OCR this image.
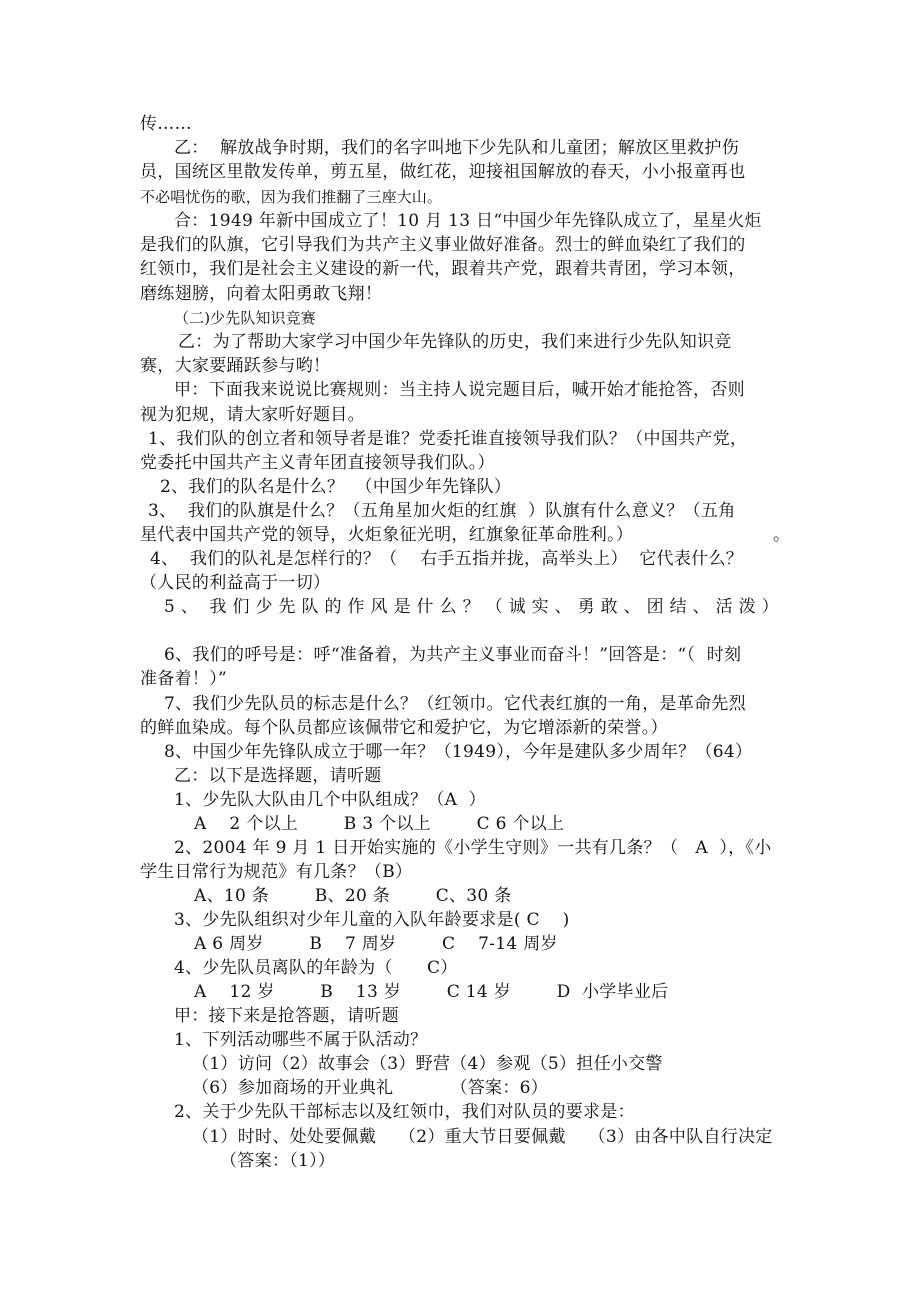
传……
乙：  解放战争时期，我们的名字叫地下少先队和儿童团；解放区里救护伤
员，国统区里散发传单，剪五星，做红花，迎接祖国解放的春天，小小报童再也
不必唱忧伤的歌，因为我们推翻了三座大山。
合：1949 年新中国成立了！10 月 13 日“中国少年先锋队成立了，星星火炬
是我们的队旗，它引导我们为共产主义事业做好准备。烈士的鲜血染红了我们的
红领巾，我们是社会主义建设的新一代，跟着共产党，跟着共青团，学习本领，
磨练翅膀，向着太阳勇敢飞翔！
（二)少先队知识竞赛
乙：为了帮助大家学习中国少年先锋队的历史，我们来进行少先队知识竞
赛，大家要踊跃参与哟！
甲：下面我来说说比赛规则：当主持人说完题目后，喊开始才能抢答，否则
视为犯规，请大家听好题目。
1、我们队的创立者和领导者是谁？党委托谁直接领导我们队？（中国共产党，
党委托中国共产主义青年团直接领导我们队。）
2、我们的队名是什么？  （中国少年先锋队）
3、  我们的队旗是什么？（五角星加火炬的红旗  ）队旗有什么意义？（五角
星代表中国共产党的领导，火炬象征光明，红旗象征革命胜利。）	。
4、  我们的队礼是怎样行的？（    右手五指并拢，高举头上）  它代表什么？
（人民的利益高于一切）
5 、  我 们 少 先 队 的 作 风 是 什 么 ？ （ 诚 实 、 勇 敢 、 团 结 、 活 泼 ）
6、我们的呼号是：呼“准备着，为共产主义事业而奋斗！”回答是：“（  时刻
准备着！）”
7、我们少先队员的标志是什么？（红领巾。它代表红旗的一角，是革命先烈
的鲜血染成。每个队员都应该佩带它和爱护它，为它增添新的荣誉。）
8、中国少年先锋队成立于哪一年？（1949），今年是建队多少周年？（64）
乙：以下是选择题，请听题
1、少先队大队由几个中队组成？（A  ）
A    2 个以上        B 3 个以上        C 6 个以上
2、2004 年 9 月 1 日开始实施的《小学生守则》一共有几条？（   A  ），《小
学生日常行为规范》有几条？（B）
A、10 条        B、20 条        C、30 条
3、少先队组织对少年儿童的入队年龄要求是( C    )
A 6 周岁        B    7 周岁        C    7-14 周岁
4、少先队员离队的年龄为（      C）
A    12 岁        B    13 岁        C 14 岁        D  小学毕业后
甲：接下来是抢答题，请听题
1、下列活动哪些不属于队活动？
（1）访问（2）故事会（3）野营（4）参观（5）担任小交警
（6）参加商场的开业典礼          （答案：6）
2、关于少先队干部标志以及红领巾，我们对队员的要求是：
（1）时时、处处要佩戴    （2）重大节日要佩戴    （3）由各中队自行决定
（答案：（1））
